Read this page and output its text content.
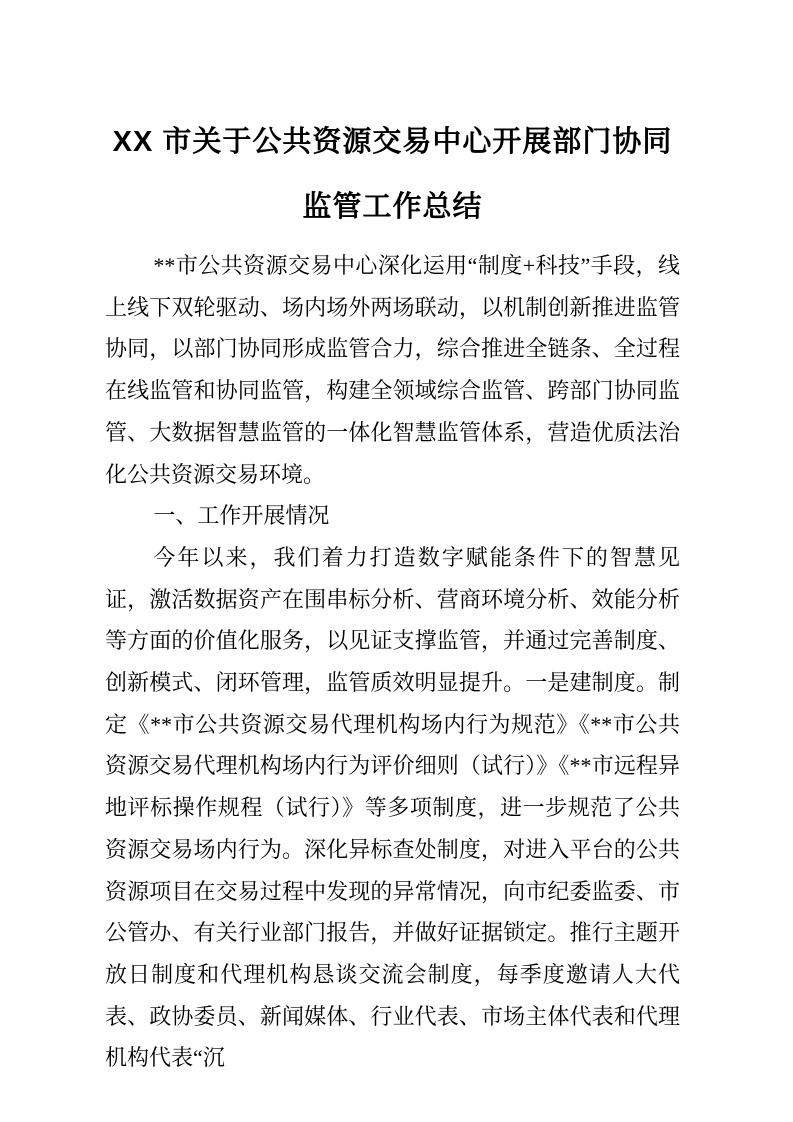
XX 市关于公共资源交易中心开展部门协同
监管工作总结

**市公共资源交易中心深化运用“制度+科技”手段，线上线下双轮驱动、场内场外两场联动，以机制创新推进监管协同，以部门协同形成监管合力，综合推进全链条、全过程在线监管和协同监管，构建全领域综合监管、跨部门协同监管、大数据智慧监管的一体化智慧监管体系，营造优质法治化公共资源交易环境。

一、工作开展情况

今年以来，我们着力打造数字赋能条件下的智慧见证，激活数据资产在围串标分析、营商环境分析、效能分析等方面的价值化服务，以见证支撑监管，并通过完善制度、创新模式、闭环管理，监管质效明显提升。一是建制度。制定《**市公共资源交易代理机构场内行为规范》《**市公共资源交易代理机构场内行为评价细则（试行）》《**市远程异地评标操作规程（试行）》等多项制度，进一步规范了公共资源交易场内行为。深化异标查处制度，对进入平台的公共资源项目在交易过程中发现的异常情况，向市纪委监委、市公管办、有关行业部门报告，并做好证据锁定。推行主题开放日制度和代理机构恳谈交流会制度，每季度邀请人大代表、政协委员、新闻媒体、行业代表、市场主体代表和代理机构代表“沉
